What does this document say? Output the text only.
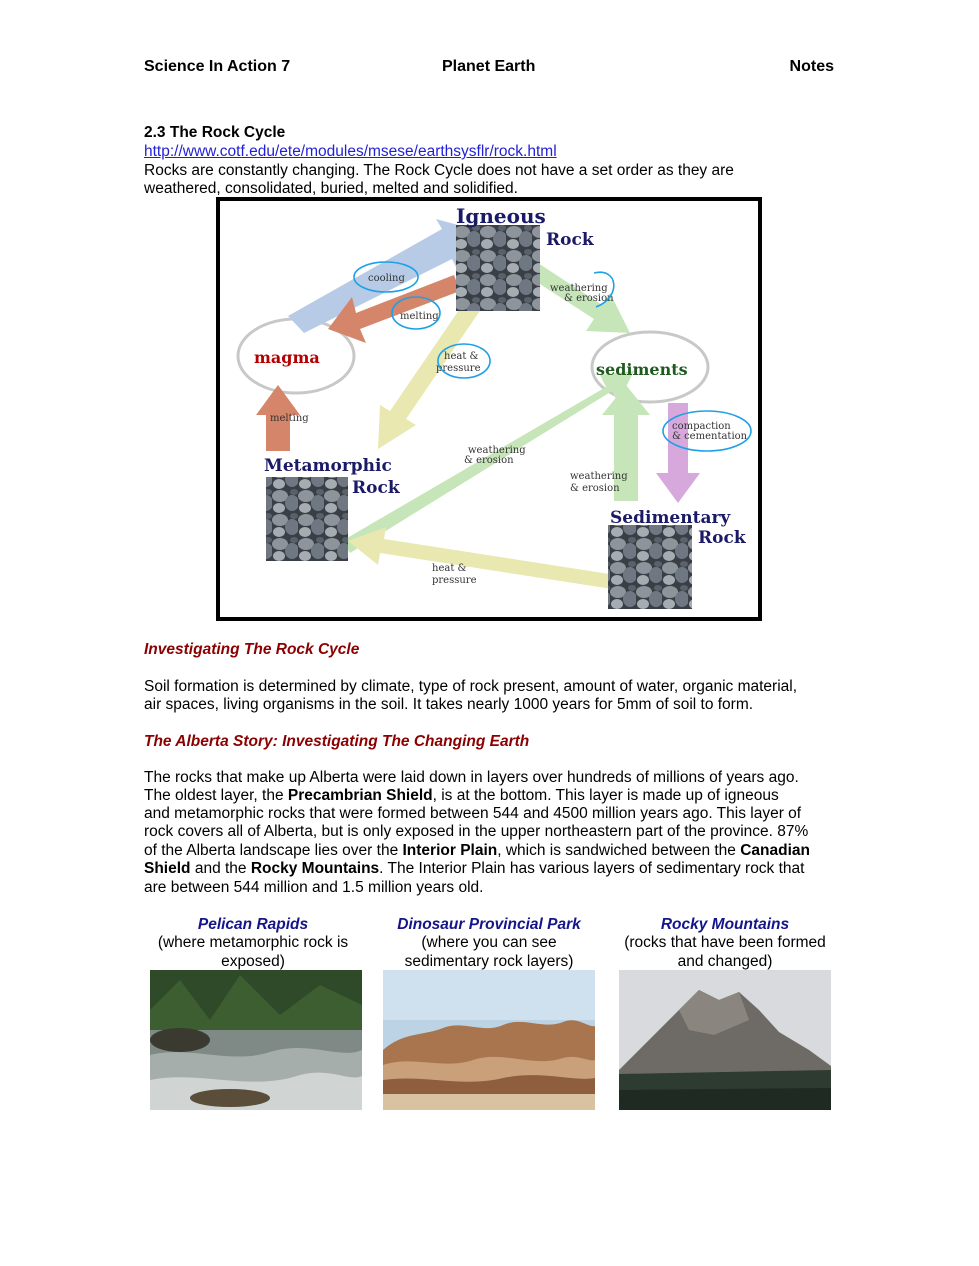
Science In Action 7	Planet Earth	Notes
2.3 The Rock Cycle
http://www.cotf.edu/ete/modules/msese/earthsysflr/rock.html
Rocks are constantly changing. The Rock Cycle does not have a set order as they are
weathered, consolidated, buried, melted and solidified.
Igneous
Rock
magma
sediments
Metamorphic
Rock
Sedimentary
Rock
cooling
melting
heat &
pressure
weathering
& erosion
melting
compaction
& cementation
weathering
& erosion
weathering
& erosion
heat &
pressure
Investigating The Rock Cycle
Soil formation is determined by climate, type of rock present, amount of water, organic material,
air spaces, living organisms in the soil. It takes nearly 1000 years for 5mm of soil to form.
The Alberta Story: Investigating The Changing Earth
The rocks that make up Alberta were laid down in layers over hundreds of millions of years ago.
The oldest layer, the Precambrian Shield, is at the bottom. This layer is made up of igneous
and metamorphic rocks that were formed between 544 and 4500 million years ago. This layer of
rock covers all of Alberta, but is only exposed in the upper northeastern part of the province. 87%
of the Alberta landscape lies over the Interior Plain, which is sandwiched between the Canadian
Shield and the Rocky Mountains. The Interior Plain has various layers of sedimentary rock that
are between 544 million and 1.5 million years old.
Pelican Rapids
(where metamorphic rock is
exposed)
Dinosaur Provincial Park
(where you can see
sedimentary rock layers)
Rocky Mountains
(rocks that have been formed
and changed)
